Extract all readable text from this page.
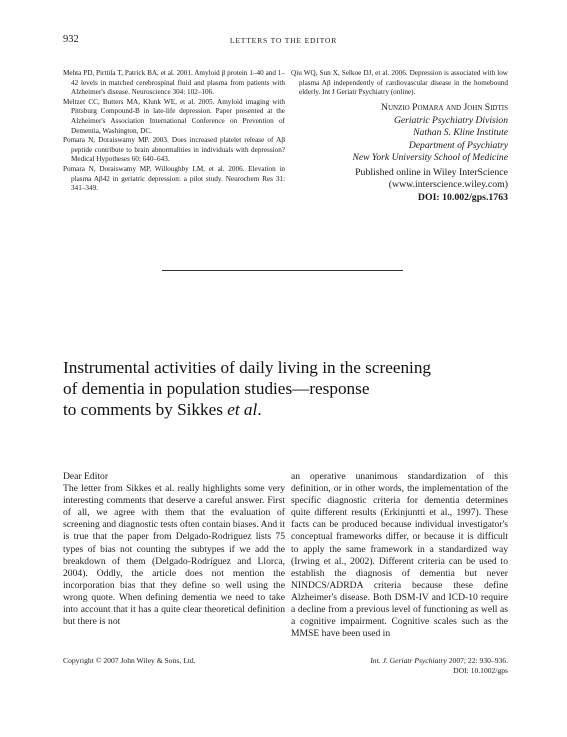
932	LETTERS TO THE EDITOR
Mehta PD, Pirttila T, Patrick BA, et al. 2001. Amyloid β protein 1–40 and 1–42 levels in matched cerebrospinal fluid and plasma from patients with Alzheimer's disease. Neuroscience 304: 102–106.
Meltzer CC, Butters MA, Klunk WE, et al. 2005. Amyloid imaging with Pittsburg Compound-B in late-life depression. Paper presented at the Alzheimer's Association International Conference on Prevention of Dementia, Washington, DC.
Pomara N, Doraiswamy MP. 2003. Does increased platelet release of Aβ peptide contribute to brain abnormalities in individuals with depression? Medical Hypotheses 60: 640–643.
Pomara N, Doraiswamy MP, Willoughby LM, et al. 2006. Elevation in plasma Aβ42 in geriatric depression: a pilot study. Neurochem Res 31: 341–349.
Qiu WQ, Sun X, Selkoe DJ, et al. 2006. Depression is associated with low plasma Aβ independently of cardiovascular disease in the homebound elderly. Int J Geriatr Psychiatry (online).
Nunzio Pomara and John Sidtis
Geriatric Psychiatry Division
Nathan S. Kline Institute
Department of Psychiatry
New York University School of Medicine
Published online in Wiley InterScience
(www.interscience.wiley.com)
DOI: 10.002/gps.1763
Instrumental activities of daily living in the screening
of dementia in population studies—response
to comments by Sikkes et al.

Dear Editor

The letter from Sikkes et al. really highlights some very interesting comments that deserve a careful answer. First of all, we agree with them that the evaluation of screening and diagnostic tests often contain biases. And it is true that the paper from Delgado-Rodriguez lists 75 types of bias not counting the subtypes if we add the breakdown of them (Delgado-Rodríguez and Llorca, 2004). Oddly, the article does not mention the incorporation bias that they define so well using the wrong quote. When defining dementia we need to take into account that it has a quite clear theoretical definition but there is not

an operative unanimous standardization of this definition, or in other words, the implementation of the specific diagnostic criteria for dementia determines quite different results (Erkinjuntti et al., 1997). These facts can be produced because individual investigator's conceptual frameworks differ, or because it is difficult to apply the same framework in a standardized way (Irwing et al., 2002). Different criteria can be used to establish the diagnosis of dementia but never NINDCS/ADRDA criteria because these define Alzheimer's disease. Both DSM-IV and ICD-10 require a decline from a previous level of functioning as well as a cognitive impairment. Cognitive scales such as the MMSE have been used in

Copyright © 2007 John Wiley & Sons, Ltd.	Int. J. Geriatr Psychiatry 2007; 22: 930–936.
DOI: 10.1002/gps
